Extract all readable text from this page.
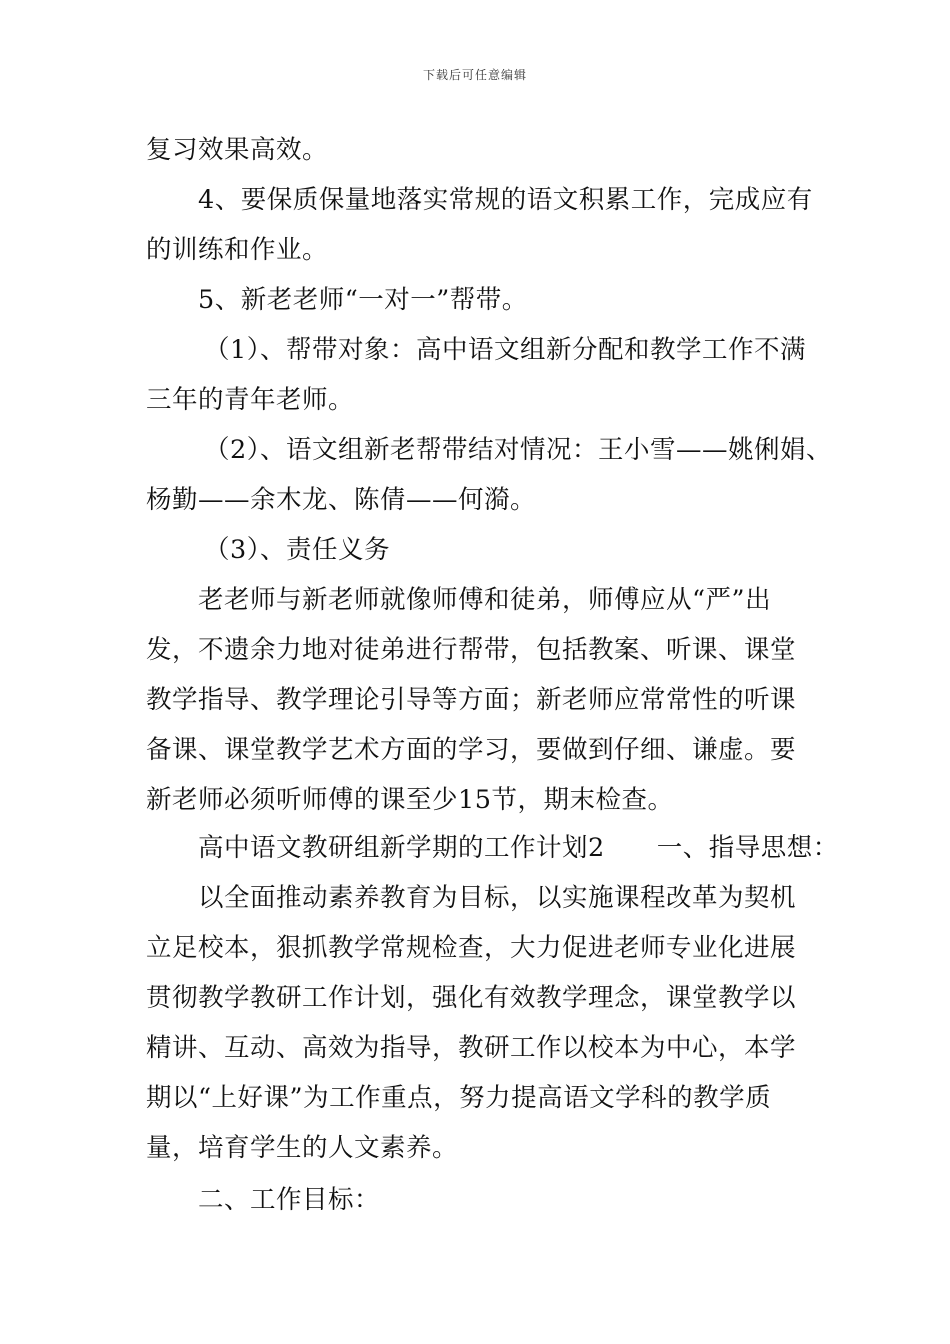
下载后可任意编辑
复习效果高效。
4、要保质保量地落实常规的语文积累工作，完成应有
的训练和作业。
5、新老老师“一对一”帮带。
（1）、帮带对象：高中语文组新分配和教学工作不满
三年的青年老师。
（2）、语文组新老帮带结对情况：王小雪——姚俐娟、
杨勤——余木龙、陈倩——何漪。
（3）、责任义务
老老师与新老师就像师傅和徒弟，师傅应从“严”出
发，不遗余力地对徒弟进行帮带，包括教案、听课、课堂
教学指导、教学理论引导等方面；新老师应常常性的听课
备课、课堂教学艺术方面的学习，要做到仔细、谦虚。要
新老师必须听师傅的课至少15节，期末检查。
高中语文教研组新学期的工作计划2　　一、指导思想：
以全面推动素养教育为目标，以实施课程改革为契机
立足校本，狠抓教学常规检查，大力促进老师专业化进展
贯彻教学教研工作计划，强化有效教学理念，课堂教学以
精讲、互动、高效为指导，教研工作以校本为中心，本学
期以“上好课”为工作重点，努力提高语文学科的教学质
量，培育学生的人文素养。
二、工作目标：
